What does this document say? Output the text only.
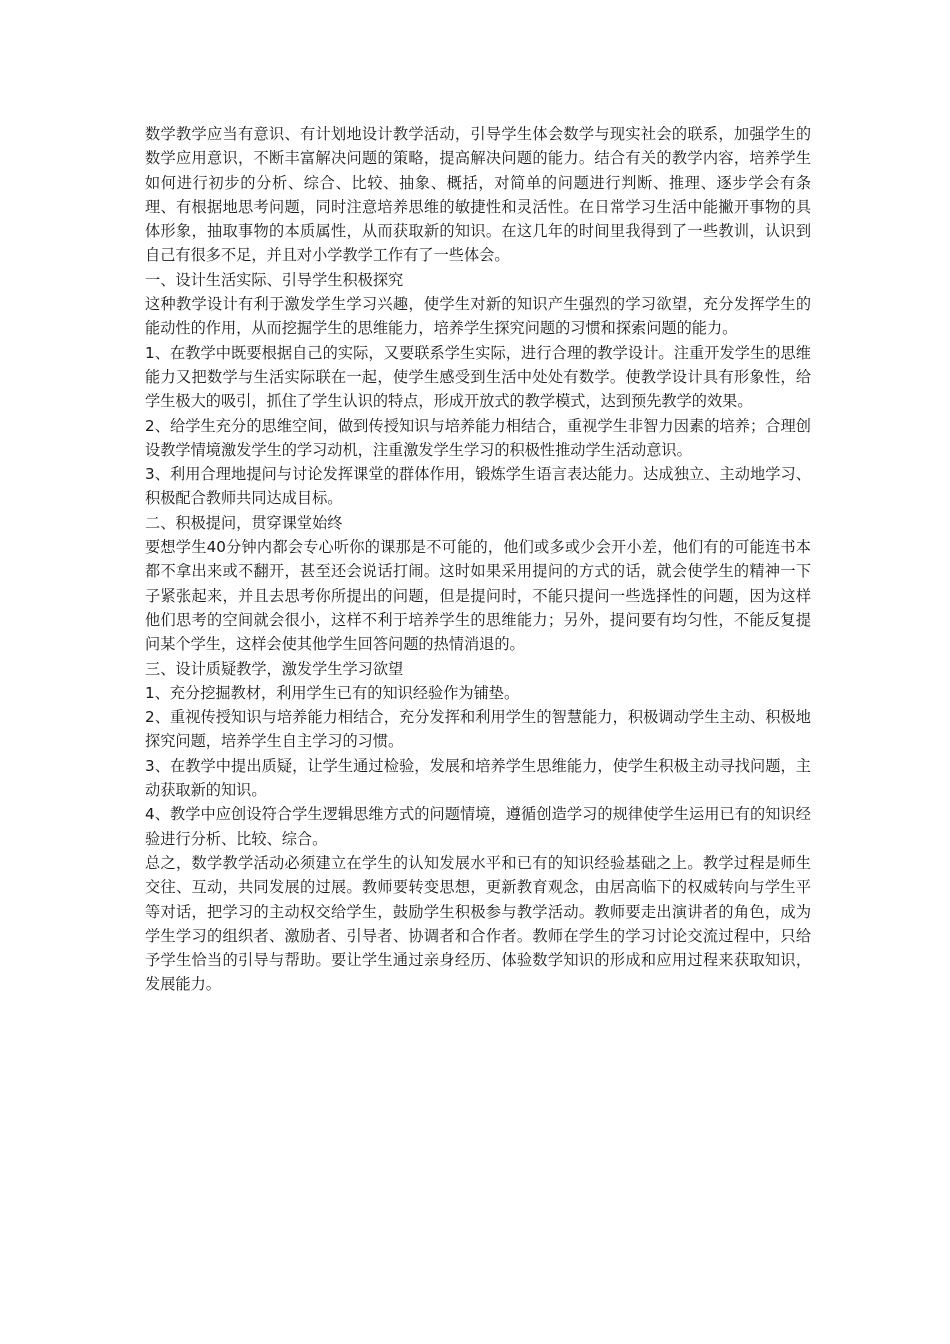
数学教学应当有意识、有计划地设计教学活动，引导学生体会数学与现实社会的联系，加强学生的数学应用意识，不断丰富解决问题的策略，提高解决问题的能力。结合有关的教学内容，培养学生如何进行初步的分析、综合、比较、抽象、概括，对简单的问题进行判断、推理、逐步学会有条理、有根据地思考问题，同时注意培养思维的敏捷性和灵活性。在日常学习生活中能撇开事物的具体形象，抽取事物的本质属性，从而获取新的知识。在这几年的时间里我得到了一些教训，认识到自己有很多不足，并且对小学教学工作有了一些体会。

一、设计生活实际、引导学生积极探究

这种教学设计有利于激发学生学习兴趣，使学生对新的知识产生强烈的学习欲望，充分发挥学生的能动性的作用，从而挖掘学生的思维能力，培养学生探究问题的习惯和探索问题的能力。

1、在教学中既要根据自己的实际，又要联系学生实际，进行合理的教学设计。注重开发学生的思维能力又把数学与生活实际联在一起，使学生感受到生活中处处有数学。使教学设计具有形象性，给学生极大的吸引，抓住了学生认识的特点，形成开放式的教学模式，达到预先教学的效果。

2、给学生充分的思维空间，做到传授知识与培养能力相结合，重视学生非智力因素的培养；合理创设教学情境激发学生的学习动机，注重激发学生学习的积极性推动学生活动意识。

3、利用合理地提问与讨论发挥课堂的群体作用，锻炼学生语言表达能力。达成独立、主动地学习、积极配合教师共同达成目标。

二、积极提问，贯穿课堂始终

要想学生40分钟内都会专心听你的课那是不可能的，他们或多或少会开小差，他们有的可能连书本都不拿出来或不翻开，甚至还会说话打闹。这时如果采用提问的方式的话，就会使学生的精神一下子紧张起来，并且去思考你所提出的问题，但是提问时，不能只提问一些选择性的问题，因为这样他们思考的空间就会很小，这样不利于培养学生的思维能力；另外，提问要有均匀性，不能反复提问某个学生，这样会使其他学生回答问题的热情消退的。

三、设计质疑教学，激发学生学习欲望

1、充分挖掘教材，利用学生已有的知识经验作为铺垫。

2、重视传授知识与培养能力相结合，充分发挥和利用学生的智慧能力，积极调动学生主动、积极地探究问题，培养学生自主学习的习惯。

3、在教学中提出质疑，让学生通过检验，发展和培养学生思维能力，使学生积极主动寻找问题，主动获取新的知识。

4、教学中应创设符合学生逻辑思维方式的问题情境，遵循创造学习的规律使学生运用已有的知识经验进行分析、比较、综合。

总之，数学教学活动必须建立在学生的认知发展水平和已有的知识经验基础之上。教学过程是师生交往、互动，共同发展的过展。教师要转变思想，更新教育观念，由居高临下的权威转向与学生平等对话，把学习的主动权交给学生，鼓励学生积极参与教学活动。教师要走出演讲者的角色，成为学生学习的组织者、激励者、引导者、协调者和合作者。教师在学生的学习讨论交流过程中，只给予学生恰当的引导与帮助。要让学生通过亲身经历、体验数学知识的形成和应用过程来获取知识，发展能力。
